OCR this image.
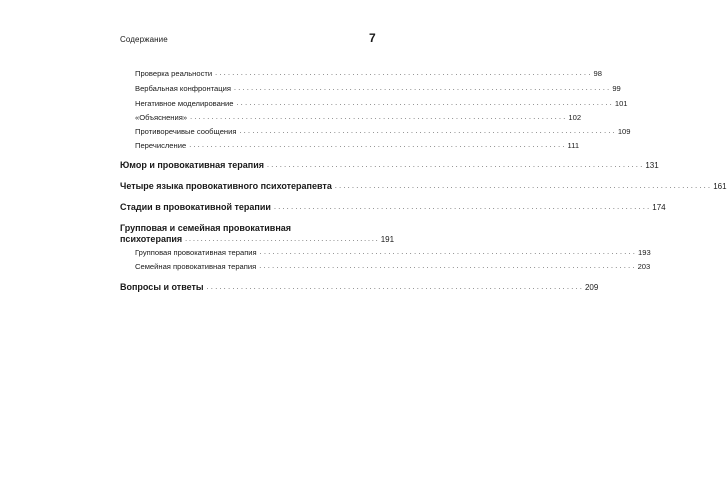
Содержание	7
Проверка реальности . . .	98
Вербальная конфронтация . . .	99
Негативное моделирование . . .	101
«Объяснения» . . .	102
Противоречивые сообщения . . .	109
Перечисление . . .	111
Юмор и провокативная терапия . . .	131
Четыре языка провокативного психотерапевта . . .	161
Стадии в провокативной терапии . . .	174
Групповая и семейная провокативная
психотерапия . . . . . . . . . . . . . . . . . . . . . . . . . . . . . . . . . . . . . . . . . . . . . . . . . . 191
Групповая провокативная терапия . . .	193
Семейная провокативная терапия . . .	203
Вопросы и ответы . . .	209
